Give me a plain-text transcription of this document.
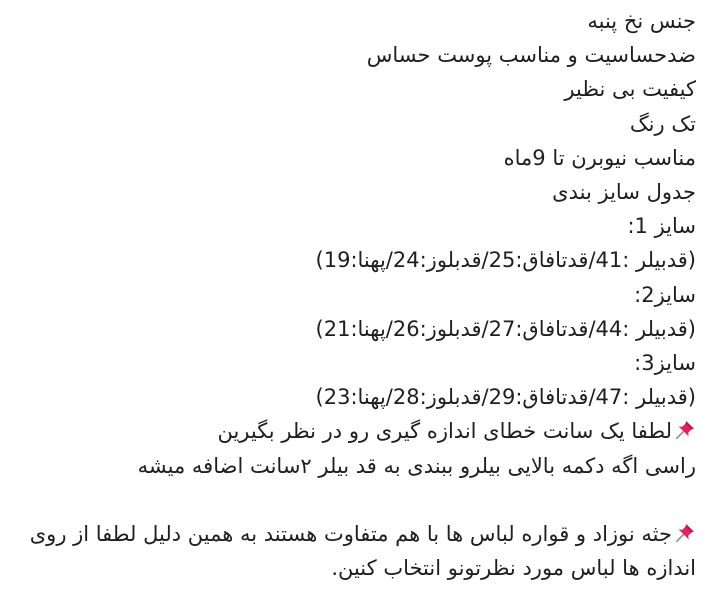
جنس نخ پنبه
ضدحساسیت و مناسب پوست حساس
کیفیت بی نظیر
تک رنگ
مناسب نیوبرن تا 9ماه
جدول سایز بندی
سایز 1:
(قدبیلر :41/قدتافاق:25/قدبلوز:24/پهنا:19)
سایز2:
(قدبیلر :44/قدتافاق:27/قدبلوز:26/پهنا:21)
سایز3:
(قدبیلر :47/قدتافاق:29/قدبلوز:28/پهنا:23)
لطفا یک سانت خطای اندازه گیری رو در نظر بگیرین
راسی اگه دکمه بالایی بیلرو ببندی به قد بیلر ۲سانت اضافه میشه
جثه نوزاد و قواره لباس ها با هم متفاوت هستند به همین دلیل لطفا از روی اندازه ها لباس مورد نظرتونو انتخاب کنین.
